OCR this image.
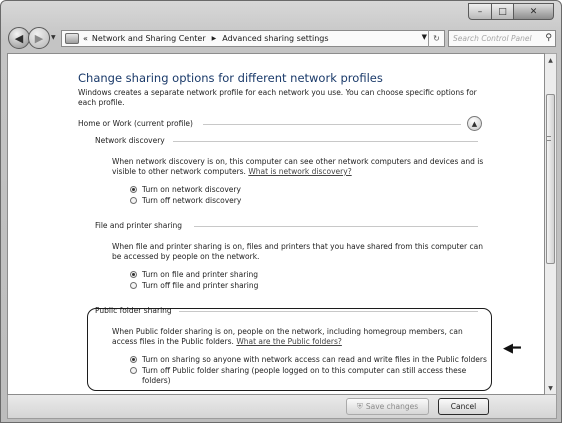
–	□	✕
◀ ▶ ▼	« Network and Sharing Center ▶ Advanced sharing settings	▼ ↻
Search Control Panel	⚲
Change sharing options for different network profiles
Windows creates a separate network profile for each network you use. You can choose specific options for each profile.
Home or Work (current profile)	▲
Network discovery
When network discovery is on, this computer can see other network computers and devices and is visible to other network computers. What is network discovery?
Turn on network discovery
Turn off network discovery
File and printer sharing
When file and printer sharing is on, files and printers that you have shared from this computer can be accessed by people on the network.
Turn on file and printer sharing
Turn off file and printer sharing
Public folder sharing
When Public folder sharing is on, people on the network, including homegroup members, can access files in the Public folders. What are the Public folders?
Turn on sharing so anyone with network access can read and write files in the Public folders
Turn off Public folder sharing (people logged on to this computer can still access these folders)
◀━
▲
▼
⛨ Save changes	Cancel
